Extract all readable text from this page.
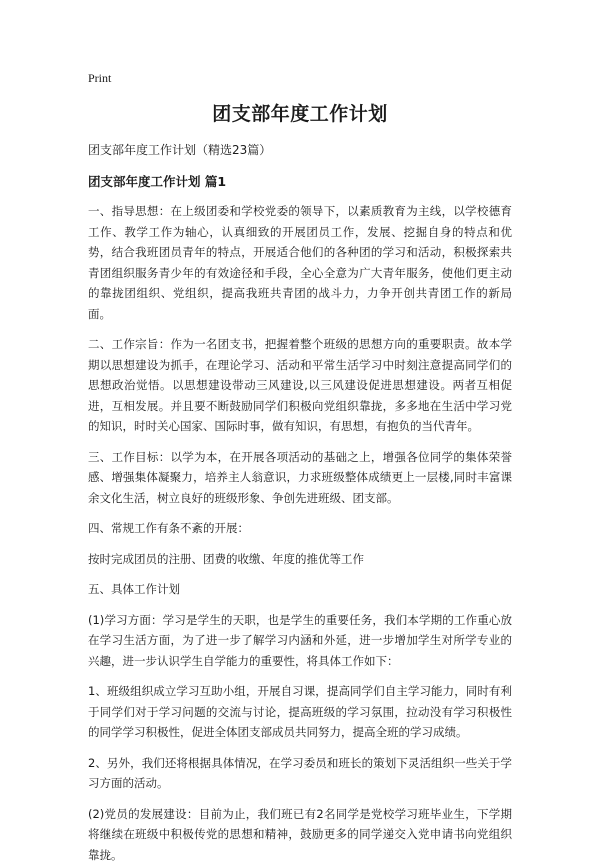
Print
团支部年度工作计划
团支部年度工作计划（精选23篇）
团支部年度工作计划 篇1

一、指导思想：在上级团委和学校党委的领导下，以素质教育为主线，以学校德育工作、教学工作为轴心，认真细致的开展团员工作，发展、挖掘自身的特点和优势，结合我班团员青年的特点，开展适合他们的各种团的学习和活动，积极探索共青团组织服务青少年的有效途径和手段，全心全意为广大青年服务，使他们更主动的靠拢团组织、党组织，提高我班共青团的战斗力，力争开创共青团工作的新局面。

二、工作宗旨：作为一名团支书，把握着整个班级的思想方向的重要职责。故本学期以思想建设为抓手，在理论学习、活动和平常生活学习中时刻注意提高同学们的思想政治觉悟。以思想建设带动三风建设,以三风建设促进思想建设。两者互相促进，互相发展。并且要不断鼓励同学们积极向党组织靠拢，多多地在生活中学习党的知识，时时关心国家、国际时事，做有知识，有思想，有抱负的当代青年。

三、工作目标：以学为本，在开展各项活动的基础之上，增强各位同学的集体荣誉感、增强集体凝聚力，培养主人翁意识，力求班级整体成绩更上一层楼,同时丰富课余文化生活，树立良好的班级形象、争创先进班级、团支部。

四、常规工作有条不紊的开展：

按时完成团员的注册、团费的收缴、年度的推优等工作

五、具体工作计划

(1)学习方面：学习是学生的天职，也是学生的重要任务，我们本学期的工作重心放在学习生活方面，为了进一步了解学习内涵和外延，进一步增加学生对所学专业的兴趣，进一步认识学生自学能力的重要性，将具体工作如下：

1、班级组织成立学习互助小组，开展自习课，提高同学们自主学习能力，同时有利于同学们对于学习问题的交流与讨论，提高班级的学习氛围，拉动没有学习积极性的同学学习积极性，促进全体团支部成员共同努力，提高全班的学习成绩。

2、另外，我们还将根据具体情况，在学习委员和班长的策划下灵活组织一些关于学习方面的活动。

(2)党员的发展建设：目前为止，我们班已有2名同学是党校学习班毕业生，下学期将继续在班级中积极传党的思想和精神，鼓励更多的同学递交入党申请书向党组织靠拢。
